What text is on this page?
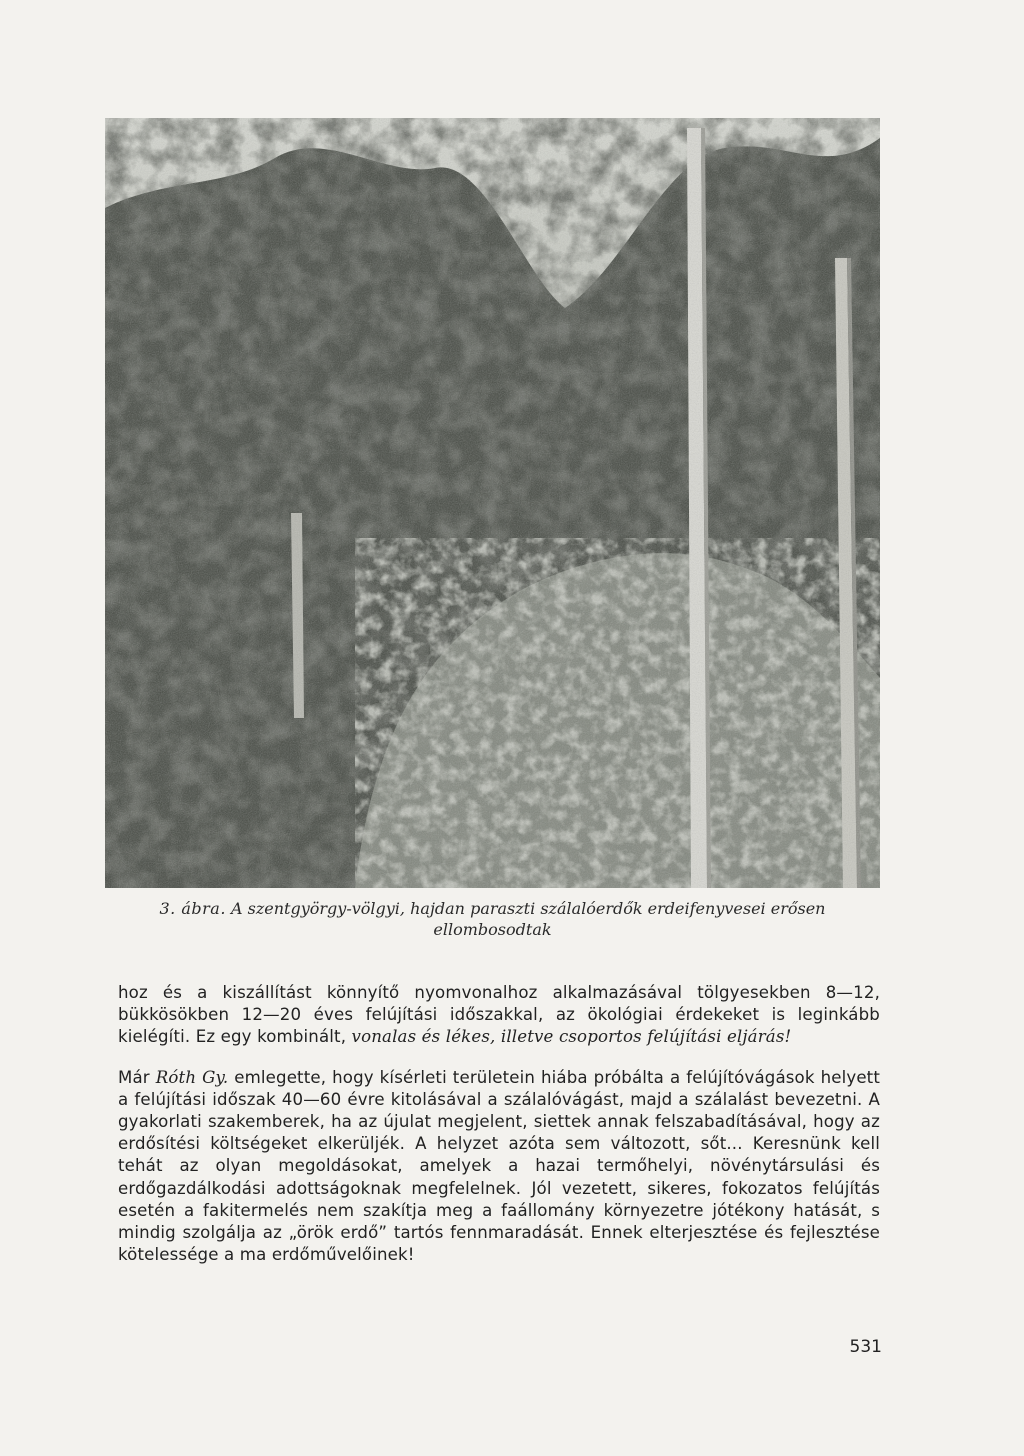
3. ábra. A szentgyörgy-völgyi, hajdan paraszti szálalóerdők erdeifenyvesei erősen ellombosodtak

hoz és a kiszállítást könnyítő nyomvonalhoz alkalmazásával tölgyesekben 8—12, bükkösökben 12—20 éves felújítási időszakkal, az ökológiai érdekeket is leginkább kielégíti. Ez egy kombinált, vonalas és lékes, illetve csoportos felújítási eljárás!

Már Róth Gy. emlegette, hogy kísérleti területein hiába próbálta a felújítóvágások helyett a felújítási időszak 40—60 évre kitolásával a szálalóvágást, majd a szálalást bevezetni. A gyakorlati szakemberek, ha az újulat megjelent, siettek annak felszabadításával, hogy az erdősítési költségeket elkerüljék. A helyzet azóta sem változott, sőt... Keresnünk kell tehát az olyan megoldásokat, amelyek a hazai termőhelyi, növénytársulási és erdőgazdálkodási adottságoknak megfelelnek. Jól vezetett, sikeres, fokozatos felújítás esetén a fakitermelés nem szakítja meg a faállomány környezetre jótékony hatását, s mindig szolgálja az „örök erdő” tartós fennmaradását. Ennek elterjesztése és fejlesztése kötelessége a ma erdőművelőinek!

531
